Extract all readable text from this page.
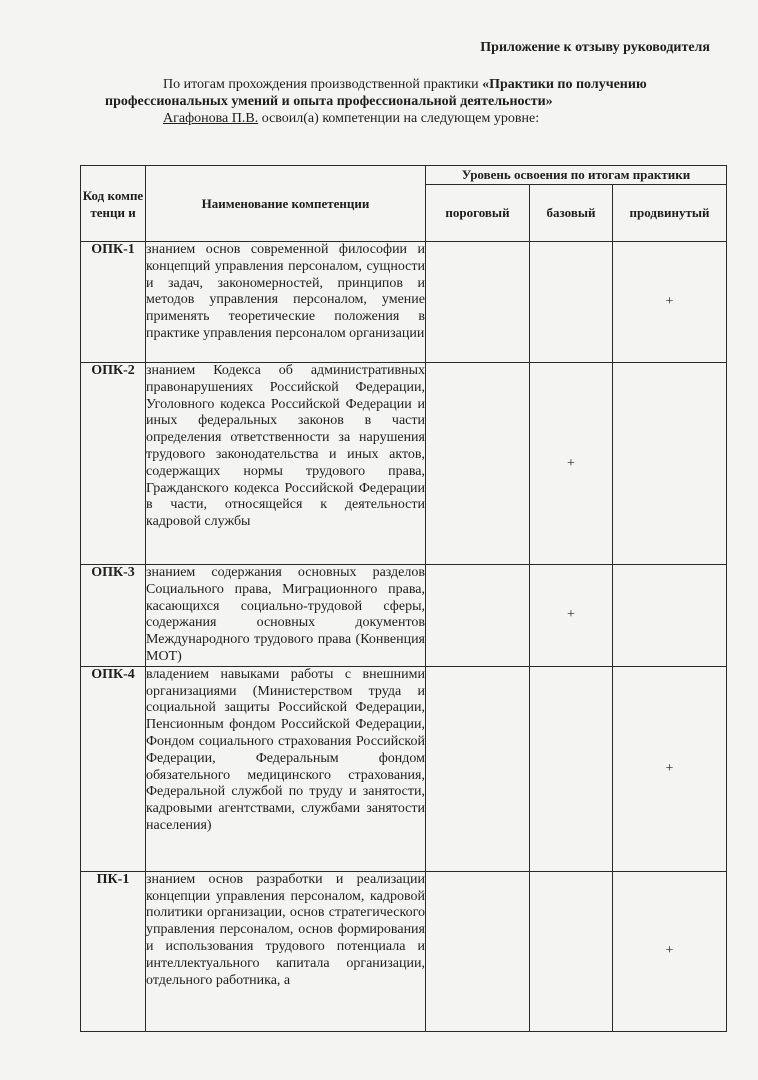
Приложение к отзыву руководителя

По итогам прохождения производственной практики «Практики по получению профессиональных умений и опыта профессиональной деятельности»

Агафонова П.В. освоил(а) компетенции на следующем уровне:

Код компе тенци и	Наименование компетенции	Уровень освоения по итогам практики		
		пороговый	базовый	продвинутый
ОПК-1	знанием основ современной философии и концепций управления персоналом, сущности и задач, закономерностей, принципов и методов управления персоналом, умение применять теоретические положения в практике управления персоналом организации			+
ОПК-2	знанием Кодекса об административных правонарушениях Российской Федерации, Уголовного кодекса Российской Федерации и иных федеральных законов в части определения ответственности за нарушения трудового законодательства и иных актов, содержащих нормы трудового права, Гражданского кодекса Российской Федерации в части, относящейся к деятельности кадровой службы		+	
ОПК-3	знанием содержания основных разделов Социального права, Миграционного права, касающихся социально-трудовой сферы, содержания основных документов Международного трудового права (Конвенция МОТ)		+	
ОПК-4	владением навыками работы с внешними организациями (Министерством труда и социальной защиты Российской Федерации, Пенсионным фондом Российской Федерации, Фондом социального страхования Российской Федерации, Федеральным фондом обязательного медицинского страхования, Федеральной службой по труду и занятости, кадровыми агентствами, службами занятости населения)			+
ПК-1	знанием основ разработки и реализации концепции управления персоналом, кадровой политики организации, основ стратегического управления персоналом, основ формирования и использования трудового потенциала и интеллектуального капитала организации, отдельного работника, а			+
